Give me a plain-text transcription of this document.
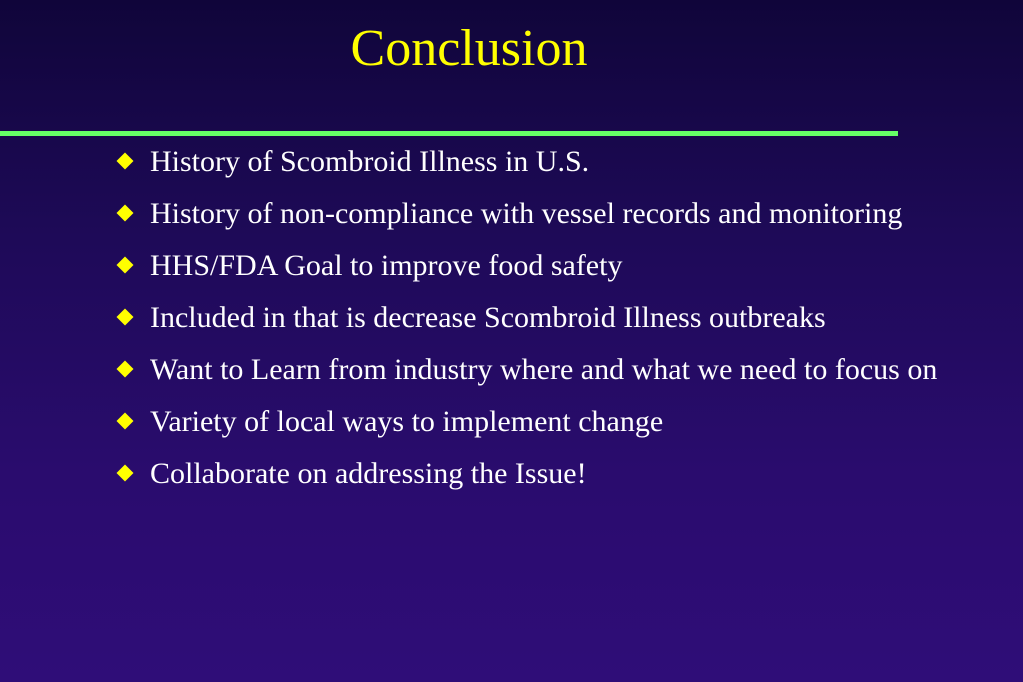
Conclusion
History of Scombroid Illness in U.S.
History of non-compliance with vessel records and monitoring
HHS/FDA Goal to improve food safety
Included in that is decrease Scombroid Illness outbreaks
Want to Learn from industry where and what we need to focus on
Variety of local ways to implement change
Collaborate on addressing the Issue!
